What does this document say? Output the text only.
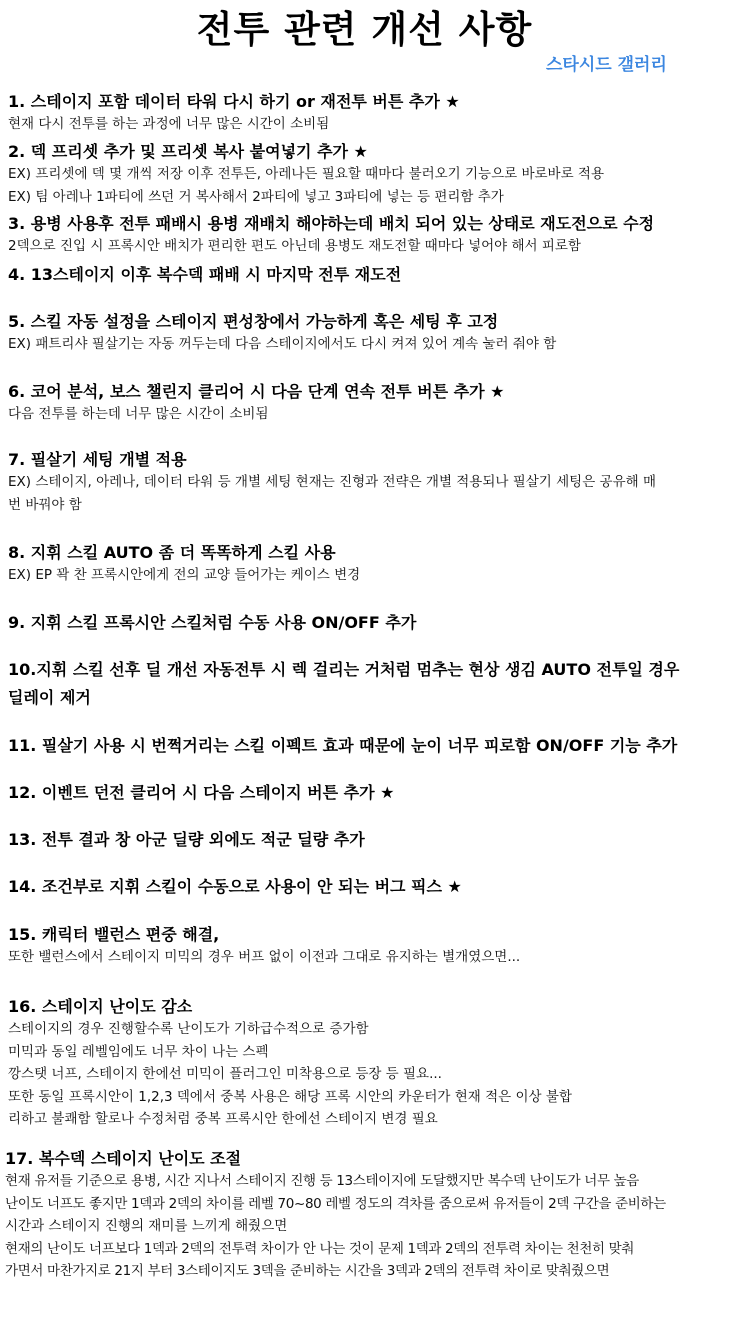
전투 관련 개선 사항
스타시드 갤러리
1. 스테이지 포함 데이터 타워 다시 하기 or 재전투 버튼 추가 ★
현재 다시 전투를 하는 과정에 너무 많은 시간이 소비됨
2. 덱 프리셋 추가 및 프리셋 복사 붙여넣기 추가 ★
EX) 프리셋에 덱 몇 개씩 저장 이후 전투든, 아레나든 필요할 때마다 불러오기 기능으로 바로바로 적용
EX) 팀 아레나 1파티에 쓰던 거 복사해서 2파티에 넣고 3파티에 넣는 등 편리함 추가
3. 용병 사용후 전투 패배시 용병 재배치 해야하는데 배치 되어 있는 상태로 재도전으로 수정
2덱으로 진입 시 프록시안 배치가 편리한 편도 아닌데 용병도 재도전할 때마다 넣어야 해서 피로함
4. 13스테이지 이후 복수덱 패배 시 마지막 전투 재도전
5. 스킬 자동 설정을 스테이지 편성창에서 가능하게 혹은 세팅 후 고정
EX) 패트리샤 필살기는 자동 꺼두는데 다음 스테이지에서도 다시 켜져 있어 계속 눌러 줘야 함
6. 코어 분석, 보스 챌린지 클리어 시 다음 단계 연속 전투 버튼 추가 ★
다음 전투를 하는데 너무 많은 시간이 소비됨
7. 필살기 세팅 개별 적용
EX) 스테이지, 아레나, 데이터 타워 등 개별 세팅 현재는 진형과 전략은 개별 적용되나 필살기 세팅은 공유해 매
번 바꿔야 함
8. 지휘 스킬 AUTO 좀 더 똑똑하게 스킬 사용
EX) EP 꽉 찬 프록시안에게 전의 교양 들어가는 케이스 변경
9. 지휘 스킬 프록시안 스킬처럼 수동 사용 ON/OFF 추가
10.지휘 스킬 선후 딜 개선 자동전투 시 렉 걸리는 거처럼 멈추는 현상 생김 AUTO 전투일 경우
딜레이 제거
11. 필살기 사용 시 번쩍거리는 스킬 이펙트 효과 때문에 눈이 너무 피로함 ON/OFF 기능 추가
12. 이벤트 던전 클리어 시 다음 스테이지 버튼 추가 ★
13. 전투 결과 창 아군 딜량 외에도 적군 딜량 추가
14. 조건부로 지휘 스킬이 수동으로 사용이 안 되는 버그 픽스 ★
15. 캐릭터 밸런스 편중 해결,
또한 밸런스에서 스테이지 미믹의 경우 버프 없이 이전과 그대로 유지하는 별개였으면...
16. 스테이지 난이도 감소
스테이지의 경우 진행할수록 난이도가 기하급수적으로 증가함
미믹과 동일 레벨임에도 너무 차이 나는 스펙
깡스탯 너프, 스테이지 한에선 미믹이 플러그인 미착용으로 등장 등 필요...
또한 동일 프록시안이 1,2,3 덱에서 중복 사용은 해당 프록 시안의 카운터가 현재 적은 이상 불합
리하고 불쾌함 할로나 수정처럼 중복 프록시안 한에선 스테이지 변경 필요
17. 복수덱 스테이지 난이도 조절
현재 유저들 기준으로 용병, 시간 지나서 스테이지 진행 등 13스테이지에 도달했지만 복수덱 난이도가 너무 높음
난이도 너프도 좋지만 1덱과 2덱의 차이를 레벨 70~80 레벨 정도의 격차를 줌으로써 유저들이 2덱 구간을 준비하는
시간과 스테이지 진행의 재미를 느끼게 해줬으면
현재의 난이도 너프보다 1덱과 2덱의 전투력 차이가 안 나는 것이 문제 1덱과 2덱의 전투력 차이는 천천히 맞춰
가면서 마찬가지로 21지 부터 3스테이지도 3덱을 준비하는 시간을 3덱과 2덱의 전투력 차이로 맞춰줬으면
